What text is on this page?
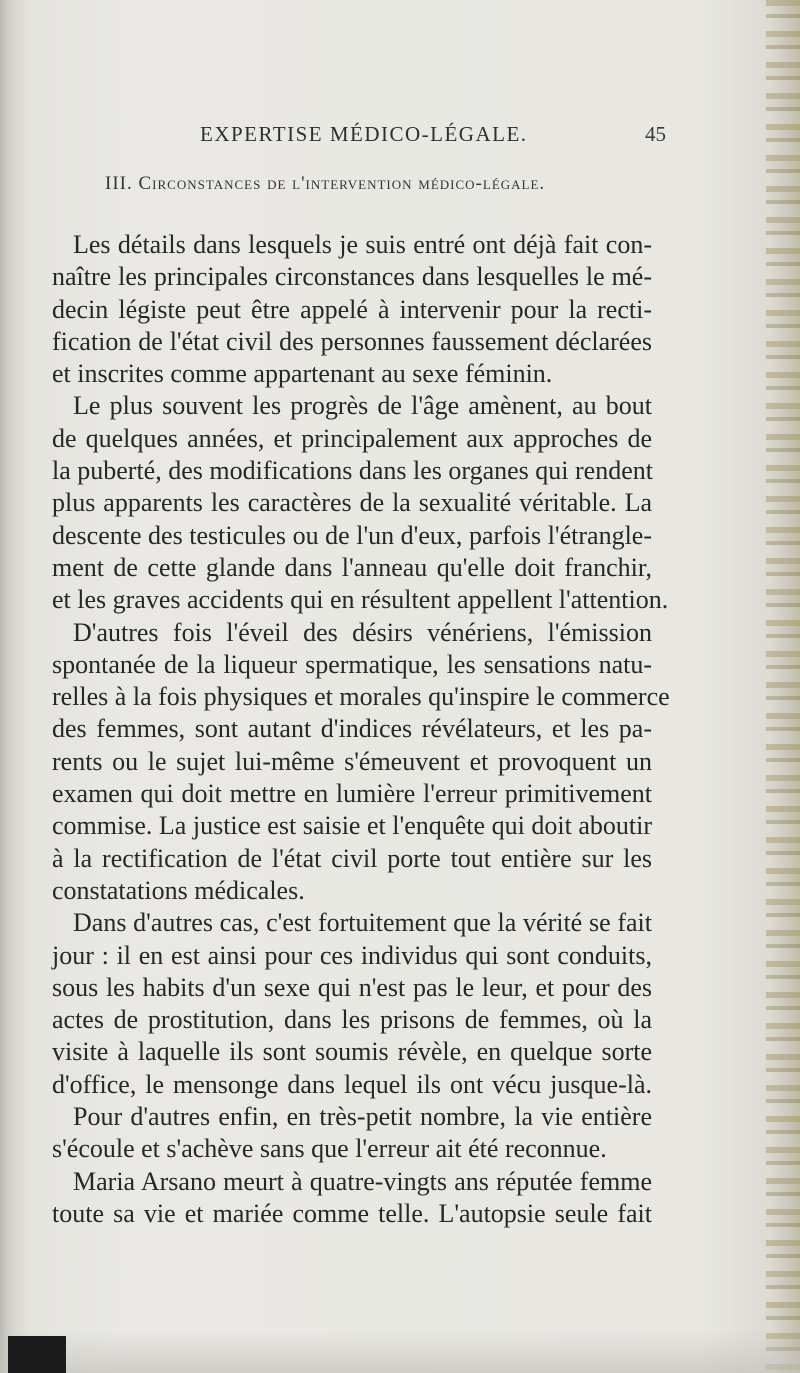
EXPERTISE MÉDICO-LÉGALE.	45
III. Circonstances de l'intervention médico-légale.
Les détails dans lesquels je suis entré ont déjà fait con-
naître les principales circonstances dans lesquelles le mé-
decin légiste peut être appelé à intervenir pour la recti-
fication de l'état civil des personnes faussement déclarées
et inscrites comme appartenant au sexe féminin.
Le plus souvent les progrès de l'âge amènent, au bout
de quelques années, et principalement aux approches de
la puberté, des modifications dans les organes qui rendent
plus apparents les caractères de la sexualité véritable. La
descente des testicules ou de l'un d'eux, parfois l'étrangle-
ment de cette glande dans l'anneau qu'elle doit franchir,
et les graves accidents qui en résultent appellent l'attention.
D'autres fois l'éveil des désirs vénériens, l'émission
spontanée de la liqueur spermatique, les sensations natu-
relles à la fois physiques et morales qu'inspire le commerce
des femmes, sont autant d'indices révélateurs, et les pa-
rents ou le sujet lui-même s'émeuvent et provoquent un
examen qui doit mettre en lumière l'erreur primitivement
commise. La justice est saisie et l'enquête qui doit aboutir
à la rectification de l'état civil porte tout entière sur les
constatations médicales.
Dans d'autres cas, c'est fortuitement que la vérité se fait
jour : il en est ainsi pour ces individus qui sont conduits,
sous les habits d'un sexe qui n'est pas le leur, et pour des
actes de prostitution, dans les prisons de femmes, où la
visite à laquelle ils sont soumis révèle, en quelque sorte
d'office, le mensonge dans lequel ils ont vécu jusque-là.
Pour d'autres enfin, en très-petit nombre, la vie entière
s'écoule et s'achève sans que l'erreur ait été reconnue.
Maria Arsano meurt à quatre-vingts ans réputée femme
toute sa vie et mariée comme telle. L'autopsie seule fait
